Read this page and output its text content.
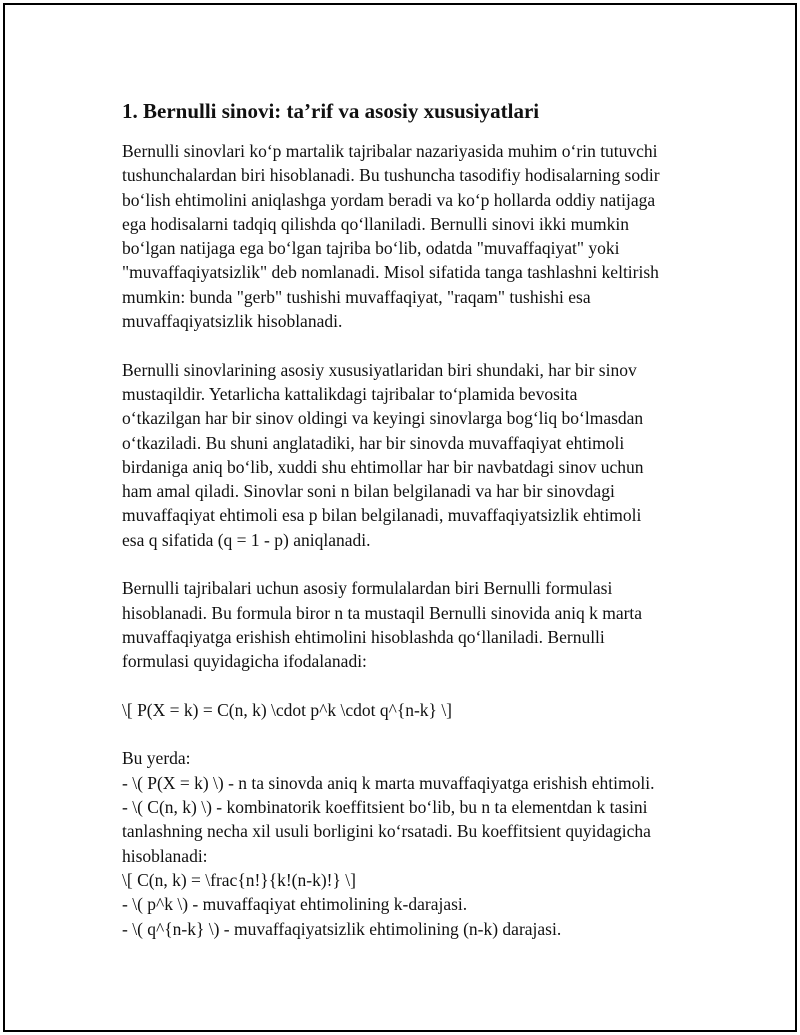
1. Bernulli sinovi: ta’rif va asosiy xususiyatlari
Bernulli sinovlari ko‘p martalik tajribalar nazariyasida muhim o‘rin tutuvchi
tushunchalardan biri hisoblanadi. Bu tushuncha tasodifiy hodisalarning sodir
bo‘lish ehtimolini aniqlashga yordam beradi va ko‘p hollarda oddiy natijaga
ega hodisalarni tadqiq qilishda qo‘llaniladi. Bernulli sinovi ikki mumkin
bo‘lgan natijaga ega bo‘lgan tajriba bo‘lib, odatda "muvaffaqiyat" yoki
"muvaffaqiyatsizlik" deb nomlanadi. Misol sifatida tanga tashlashni keltirish
mumkin: bunda "gerb" tushishi muvaffaqiyat, "raqam" tushishi esa
muvaffaqiyatsizlik hisoblanadi.
Bernulli sinovlarining asosiy xususiyatlaridan biri shundaki, har bir sinov
mustaqildir. Yetarlicha kattalikdagi tajribalar to‘plamida bevosita
o‘tkazilgan har bir sinov oldingi va keyingi sinovlarga bog‘liq bo‘lmasdan
o‘tkaziladi. Bu shuni anglatadiki, har bir sinovda muvaffaqiyat ehtimoli
birdaniga aniq bo‘lib, xuddi shu ehtimollar har bir navbatdagi sinov uchun
ham amal qiladi. Sinovlar soni n bilan belgilanadi va har bir sinovdagi
muvaffaqiyat ehtimoli esa p bilan belgilanadi, muvaffaqiyatsizlik ehtimoli
esa q sifatida (q = 1 - p) aniqlanadi.
Bernulli tajribalari uchun asosiy formulalardan biri Bernulli formulasi
hisoblanadi. Bu formula biror n ta mustaqil Bernulli sinovida aniq k marta
muvaffaqiyatga erishish ehtimolini hisoblashda qo‘llaniladi. Bernulli
formulasi quyidagicha ifodalanadi:
\[ P(X = k) = C(n, k) \cdot p^k \cdot q^{n-k} \]
Bu yerda:
- \( P(X = k) \) - n ta sinovda aniq k marta muvaffaqiyatga erishish ehtimoli.
- \( C(n, k) \) - kombinatorik koeffitsient bo‘lib, bu n ta elementdan k tasini
tanlashning necha xil usuli borligini ko‘rsatadi. Bu koeffitsient quyidagicha
hisoblanadi:
\[ C(n, k) = \frac{n!}{k!(n-k)!} \]
- \( p^k \) - muvaffaqiyat ehtimolining k-darajasi.
- \( q^{n-k} \) - muvaffaqiyatsizlik ehtimolining (n-k) darajasi.
